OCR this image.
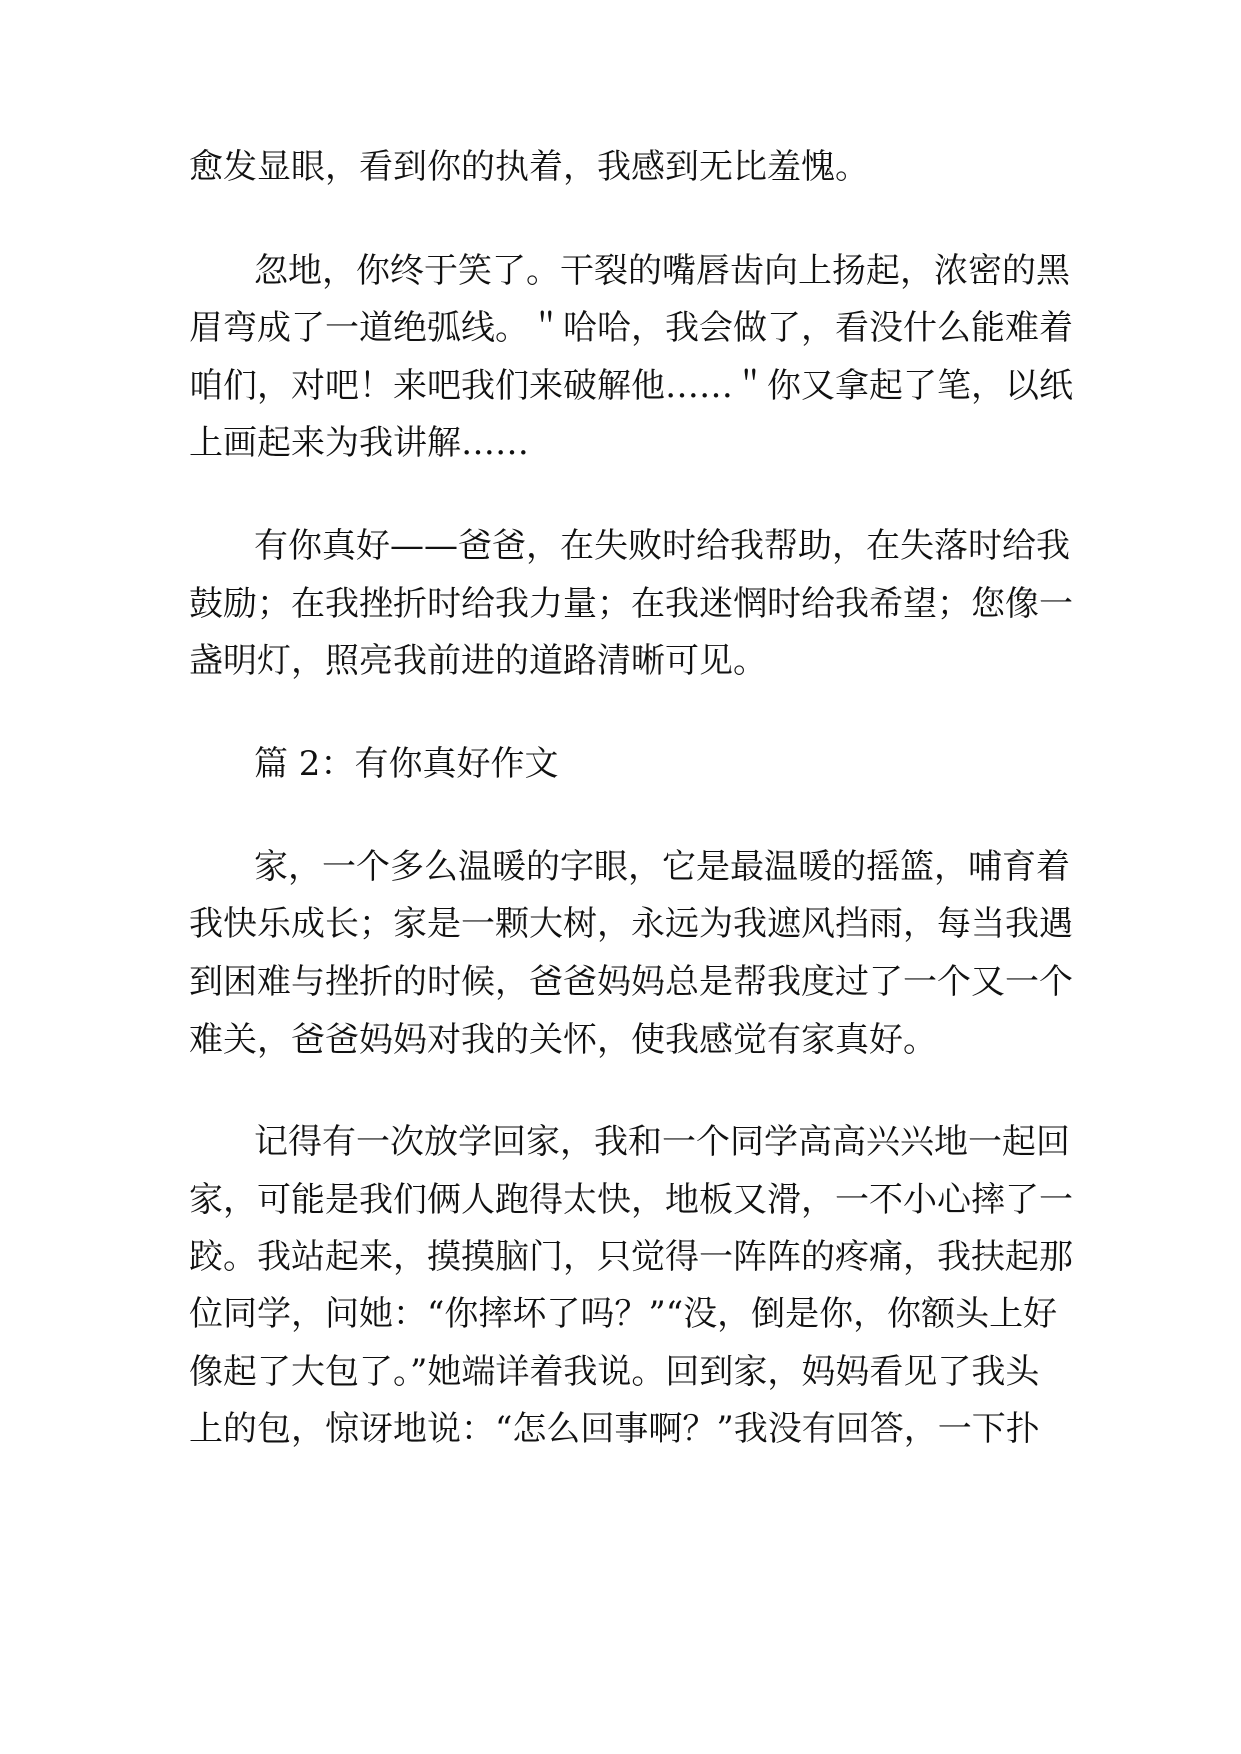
愈发显眼，看到你的执着，我感到无比羞愧。
忽地，你终于笑了。干裂的嘴唇齿向上扬起，浓密的黑
眉弯成了一道绝弧线。＂哈哈，我会做了，看没什么能难着
咱们，对吧！来吧我们来破解他……＂你又拿起了笔，以纸
上画起来为我讲解……
有你真好——爸爸，在失败时给我帮助，在失落时给我
鼓励；在我挫折时给我力量；在我迷惘时给我希望；您像一
盏明灯，照亮我前进的道路清晰可见。
篇 2：有你真好作文
家，一个多么温暖的字眼，它是最温暖的摇篮，哺育着
我快乐成长；家是一颗大树，永远为我遮风挡雨，每当我遇
到困难与挫折的时候，爸爸妈妈总是帮我度过了一个又一个
难关，爸爸妈妈对我的关怀，使我感觉有家真好。
记得有一次放学回家，我和一个同学高高兴兴地一起回
家，可能是我们俩人跑得太快，地板又滑，一不小心摔了一
跤。我站起来，摸摸脑门，只觉得一阵阵的疼痛，我扶起那
位同学，问她：“你摔坏了吗？”“没，倒是你，你额头上好
像起了大包了。”她端详着我说。回到家，妈妈看见了我头
上的包，惊讶地说：“怎么回事啊？”我没有回答，一下扑
